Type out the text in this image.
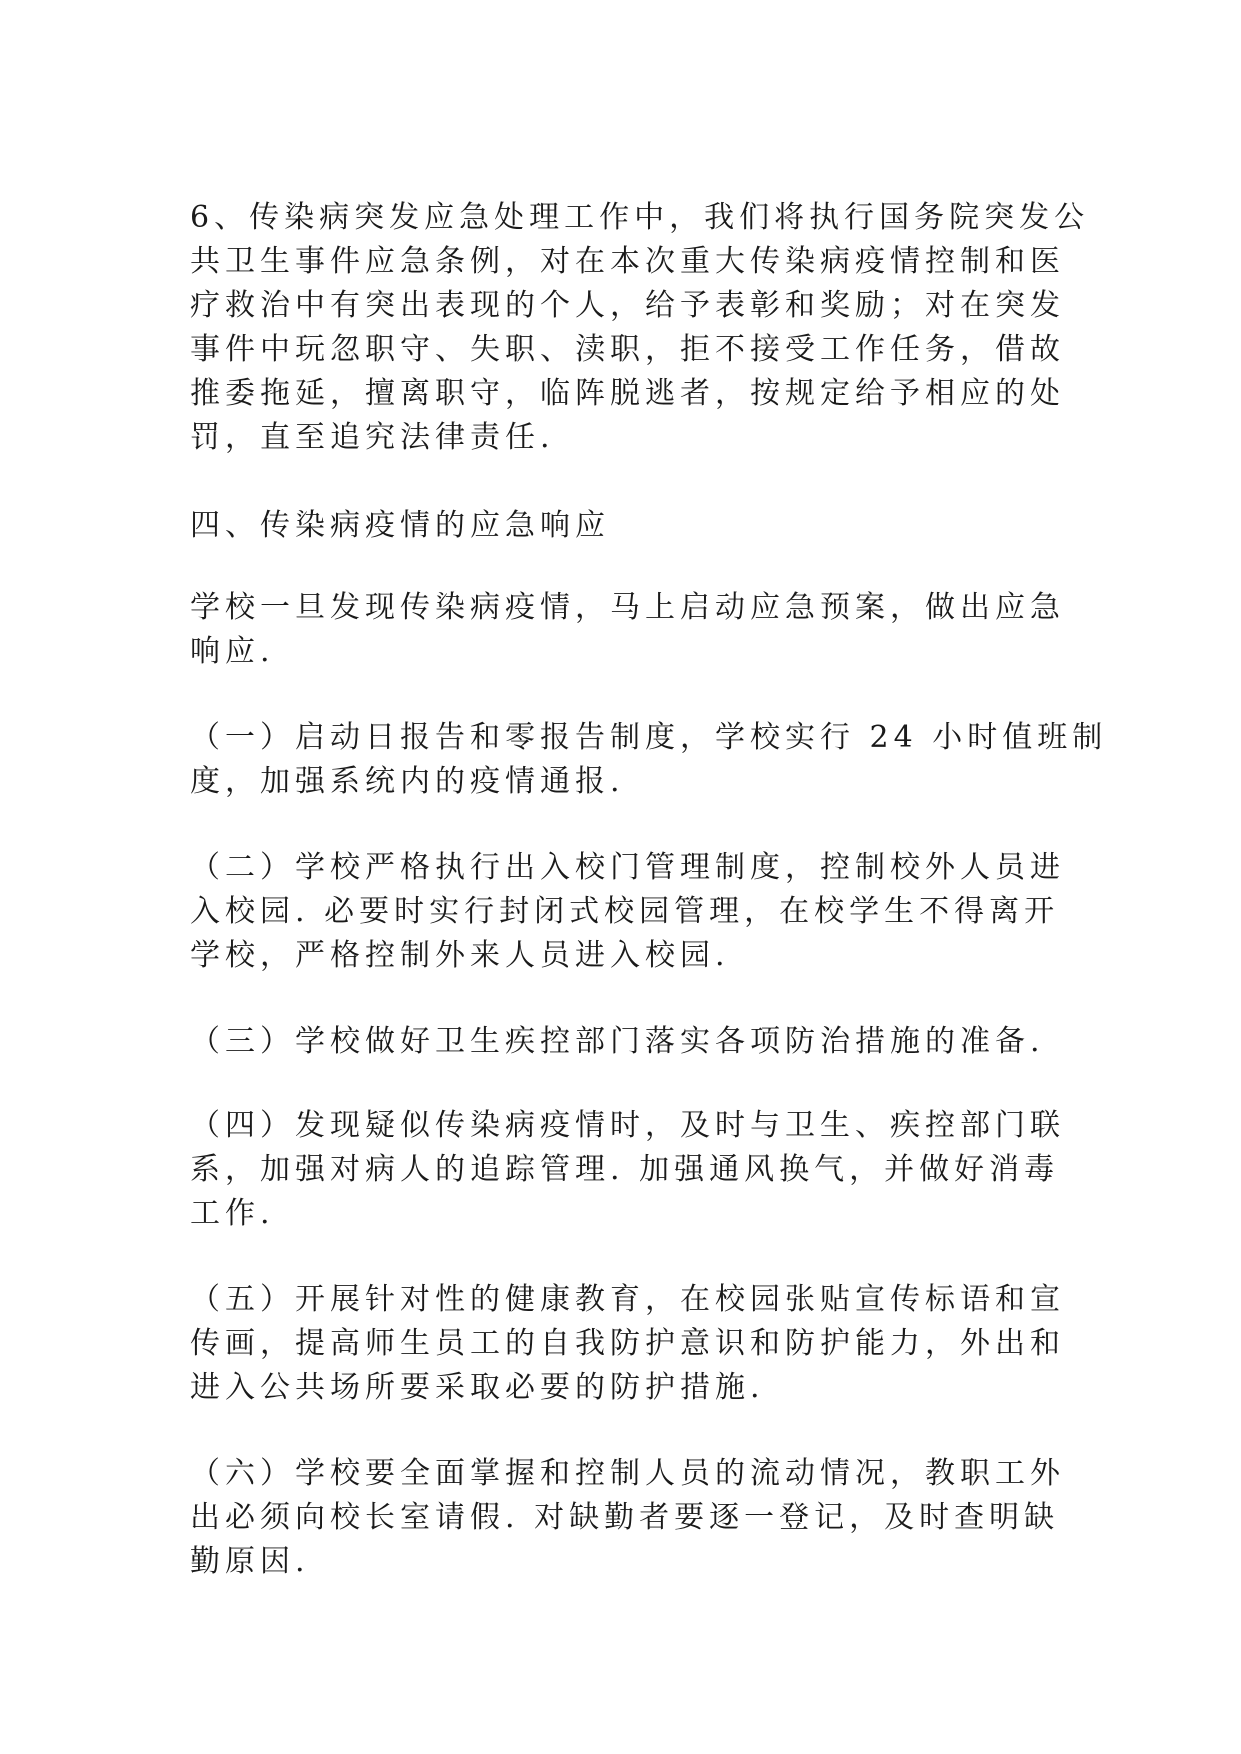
6、传染病突发应急处理工作中，我们将执行国务院突发公
共卫生事件应急条例，对在本次重大传染病疫情控制和医
疗救治中有突出表现的个人，给予表彰和奖励；对在突发
事件中玩忽职守、失职、渎职，拒不接受工作任务，借故
推委拖延，擅离职守，临阵脱逃者，按规定给予相应的处
罚，直至追究法律责任.
四、传染病疫情的应急响应
学校一旦发现传染病疫情，马上启动应急预案，做出应急
响应.
（一）启动日报告和零报告制度，学校实行 24 小时值班制
度，加强系统内的疫情通报.
（二）学校严格执行出入校门管理制度，控制校外人员进
入校园. 必要时实行封闭式校园管理，在校学生不得离开
学校，严格控制外来人员进入校园.
（三）学校做好卫生疾控部门落实各项防治措施的准备.
（四）发现疑似传染病疫情时，及时与卫生、疾控部门联
系，加强对病人的追踪管理. 加强通风换气，并做好消毒
工作.
（五）开展针对性的健康教育，在校园张贴宣传标语和宣
传画，提高师生员工的自我防护意识和防护能力，外出和
进入公共场所要采取必要的防护措施.
（六）学校要全面掌握和控制人员的流动情况，教职工外
出必须向校长室请假. 对缺勤者要逐一登记，及时查明缺
勤原因.
